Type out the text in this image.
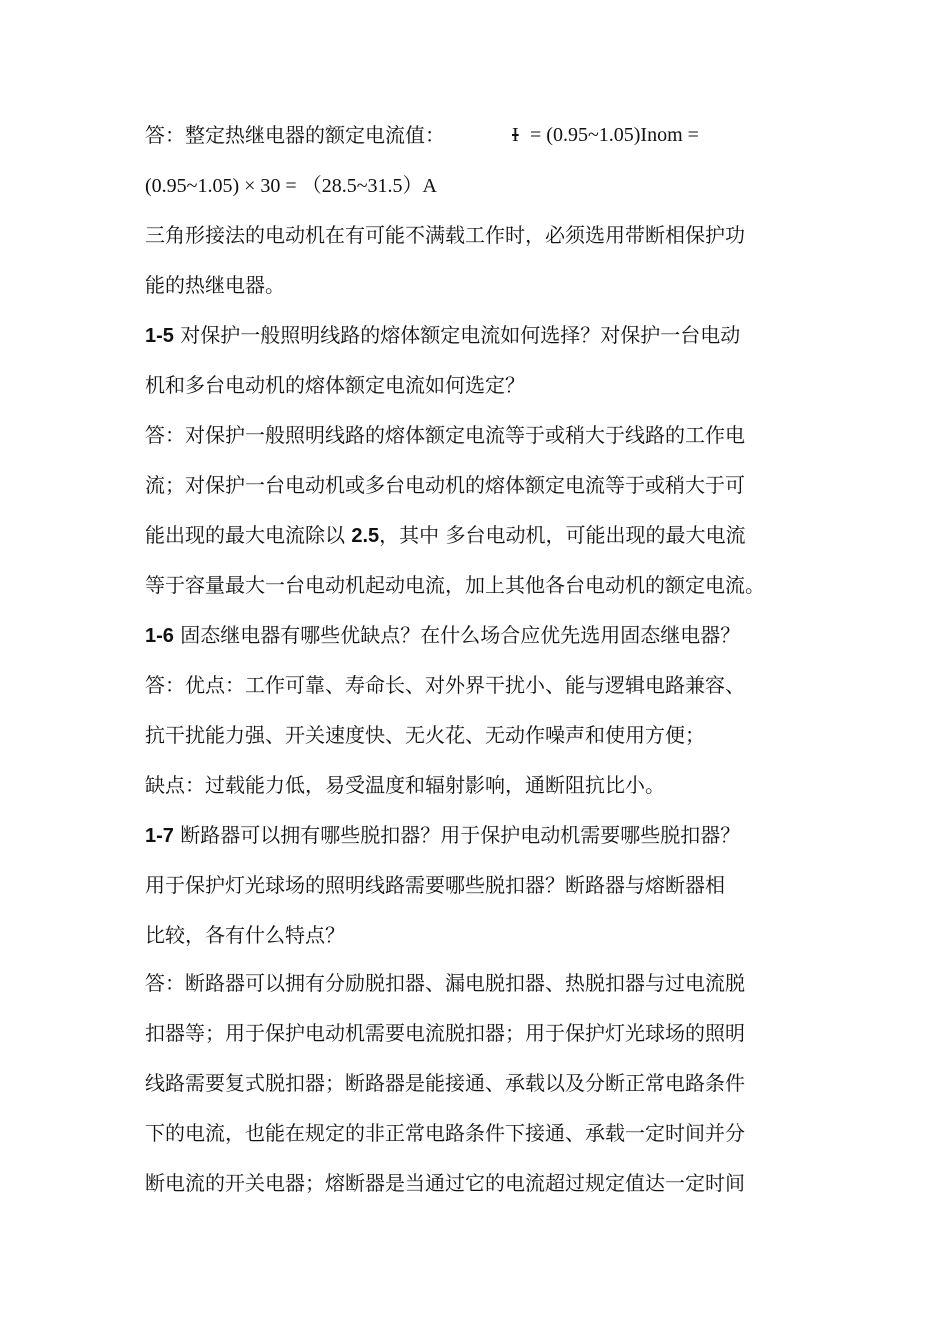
答：整定热继电器的额定电流值：	I = (0.95~1.05)Inom =
(0.95~1.05) × 30 = （28.5~31.5）A
三角形接法的电动机在有可能不满载工作时，必须选用带断相保护功
能的热继电器。
1-5 对保护一般照明线路的熔体额定电流如何选择？对保护一台电动
机和多台电动机的熔体额定电流如何选定？
答：对保护一般照明线路的熔体额定电流等于或稍大于线路的工作电
流；对保护一台电动机或多台电动机的熔体额定电流等于或稍大于可
能出现的最大电流除以 2.5，其中 多台电动机，可能出现的最大电流
等于容量最大一台电动机起动电流，加上其他各台电动机的额定电流。
1-6 固态继电器有哪些优缺点？在什么场合应优先选用固态继电器？
答：优点：工作可靠、寿命长、对外界干扰小、能与逻辑电路兼容、
抗干扰能力强、开关速度快、无火花、无动作噪声和使用方便；
缺点：过载能力低，易受温度和辐射影响，通断阻抗比小。
1-7 断路器可以拥有哪些脱扣器？用于保护电动机需要哪些脱扣器？
用于保护灯光球场的照明线路需要哪些脱扣器？断路器与熔断器相
比较，各有什么特点？
答：断路器可以拥有分励脱扣器、漏电脱扣器、热脱扣器与过电流脱
扣器等；用于保护电动机需要电流脱扣器；用于保护灯光球场的照明
线路需要复式脱扣器；断路器是能接通、承载以及分断正常电路条件
下的电流，也能在规定的非正常电路条件下接通、承载一定时间并分
断电流的开关电器；熔断器是当通过它的电流超过规定值达一定时间
